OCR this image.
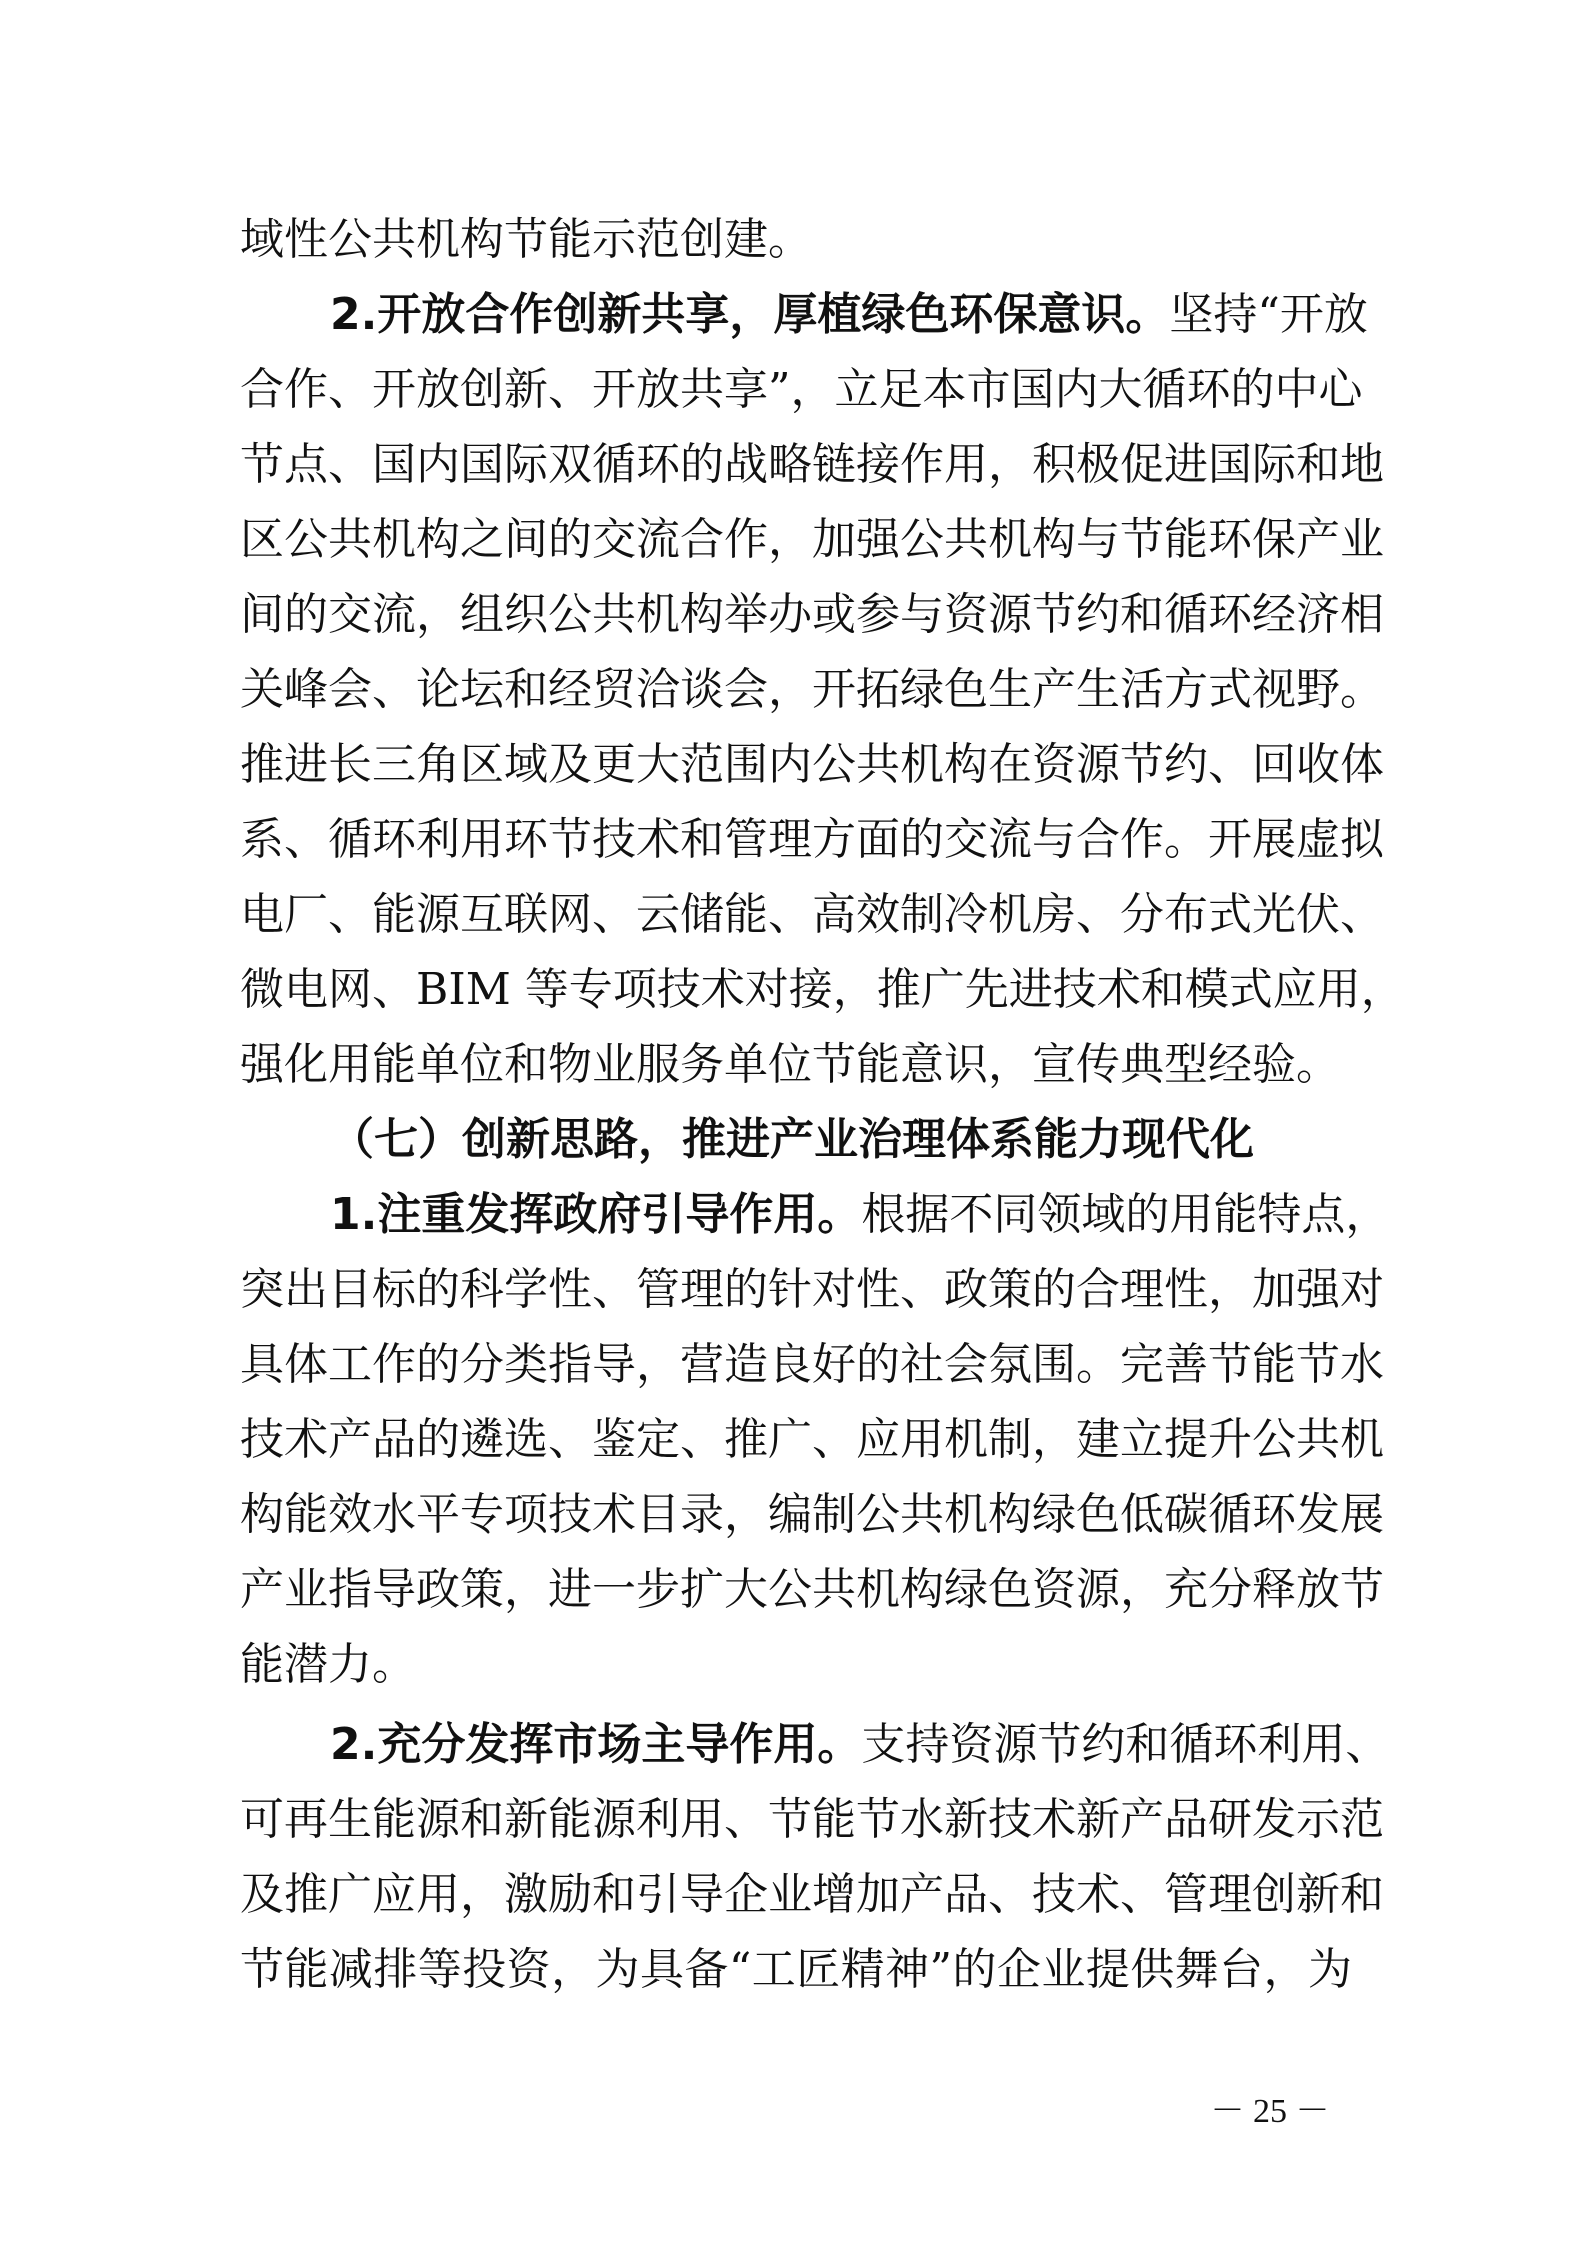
域性公共机构节能示范创建。
2.开放合作创新共享，厚植绿色环保意识。坚持“开放
合作、开放创新、开放共享”，立足本市国内大循环的中心
节点、国内国际双循环的战略链接作用，积极促进国际和地
区公共机构之间的交流合作，加强公共机构与节能环保产业
间的交流，组织公共机构举办或参与资源节约和循环经济相
关峰会、论坛和经贸洽谈会，开拓绿色生产生活方式视野。
推进长三角区域及更大范围内公共机构在资源节约、回收体
系、循环利用环节技术和管理方面的交流与合作。开展虚拟
电厂、能源互联网、云储能、高效制冷机房、分布式光伏、
微电网、BIM 等专项技术对接，推广先进技术和模式应用，
强化用能单位和物业服务单位节能意识，宣传典型经验。
（七）创新思路，推进产业治理体系能力现代化
1.注重发挥政府引导作用。根据不同领域的用能特点，
突出目标的科学性、管理的针对性、政策的合理性，加强对
具体工作的分类指导，营造良好的社会氛围。完善节能节水
技术产品的遴选、鉴定、推广、应用机制，建立提升公共机
构能效水平专项技术目录，编制公共机构绿色低碳循环发展
产业指导政策，进一步扩大公共机构绿色资源，充分释放节
能潜力。
2.充分发挥市场主导作用。支持资源节约和循环利用、
可再生能源和新能源利用、节能节水新技术新产品研发示范
及推广应用，激励和引导企业增加产品、技术、管理创新和
节能减排等投资，为具备“工匠精神”的企业提供舞台，为
－ 25 －
